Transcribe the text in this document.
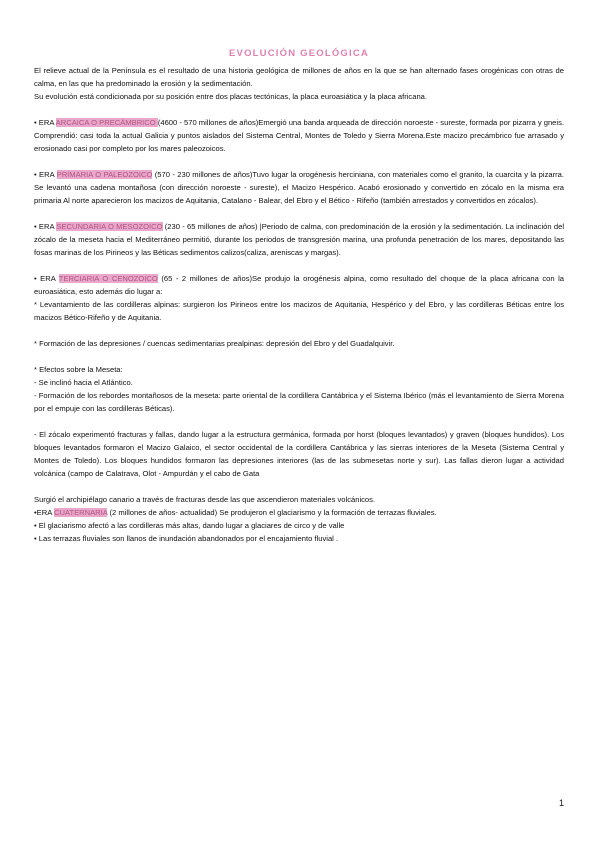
EVOLUCIÓN GEOLÓGICA

El relieve actual de la Península es el resultado de una historia geológica de millones de años en la que se han alternado fases orogénicas con otras de calma, en las que ha predominado la erosión y la sedimentación.

Su evolución está condicionada por su posición entre dos placas tectónicas, la placa euroasiática y la placa africana.

• ERA ARCAICA O PRECÁMBRICO (4600 - 570 millones de años)Emergió una banda arqueada de dirección noroeste - sureste, formada por pizarra y gneis. Comprendió: casi toda la actual Galicia y puntos aislados del Sistema Central, Montes de Toledo y Sierra Morena.Este macizo precámbrico fue arrasado y erosionado casi por completo por los mares paleozoicos.

• ERA PRIMARIA O PALEOZOICO (570 - 230 millones de años)Tuvo lugar la orogénesis herciniana, con materiales como el granito, la cuarcita y la pizarra. Se levantó una cadena montañosa (con dirección noroeste - sureste), el Macizo Hespérico. Acabó erosionado y convertido en zócalo en la misma era primaria Al norte aparecieron los macizos de Aquitania, Catalano - Balear, del Ebro y el Bético - Rifeño (también arrestados y convertidos en zócalos).

• ERA SECUNDARIA O MESOZOICO (230 - 65 millones de años) |Periodo de calma, con predominación de la erosión y la sedimentación. La inclinación del zócalo de la meseta hacia el Mediterráneo permitió, durante los periodos de transgresión marina, una profunda penetración de los mares, depositando las fosas marinas de los Pirineos y las Béticas sedimentos calizos(caliza, areniscas y margas).

• ERA TERCIARIA O CENOZOICO (65 - 2 millones de años)Se produjo la orogénesis alpina, como resultado del choque de la placa africana con la euroasiática, esto además dio lugar a:

* Levantamiento de las cordilleras alpinas: surgieron los Pirineos entre los macizos de Aquitania, Hespérico y del Ebro, y las cordilleras Béticas entre los macizos Bético-Rifeño y de Aquitania.

* Formación de las depresiones / cuencas sedimentarias prealpinas: depresión del Ebro y del Guadalquivir.

* Efectos sobre la Meseta:

- Se inclinó hacia el Atlántico.

- Formación de los rebordes montañosos de la meseta: parte oriental de la cordillera Cantábrica y el Sistema Ibérico (más el levantamiento de Sierra Morena por el empuje con las cordilleras Béticas).

- El zócalo experimentó fracturas y fallas, dando lugar a la estructura germánica, formada por horst (bloques levantados) y graven (bloques hundidos). Los bloques levantados formaron el Macizo Galaico, el sector occidental de la cordillera Cantábrica y las sierras interiores de la Meseta (Sistema Central y Montes de Toledo). Los bloques hundidos formaron las depresiones interiores (las de las submesetas norte y sur). Las fallas dieron lugar a actividad volcánica (campo de Calatrava, Olot - Ampurdán y el cabo de Gata

Surgió el archipiélago canario a través de fracturas desde las que ascendieron materiales volcánicos.

•ERA CUATERNARIA (2 millones de años- actualidad) Se produjeron el glaciarismo y la formación de terrazas fluviales.

• El glaciarismo afectó a las cordilleras más altas, dando lugar a glaciares de circo y de valle

• Las terrazas fluviales son llanos de inundación abandonados por el encajamiento fluvial .

1
